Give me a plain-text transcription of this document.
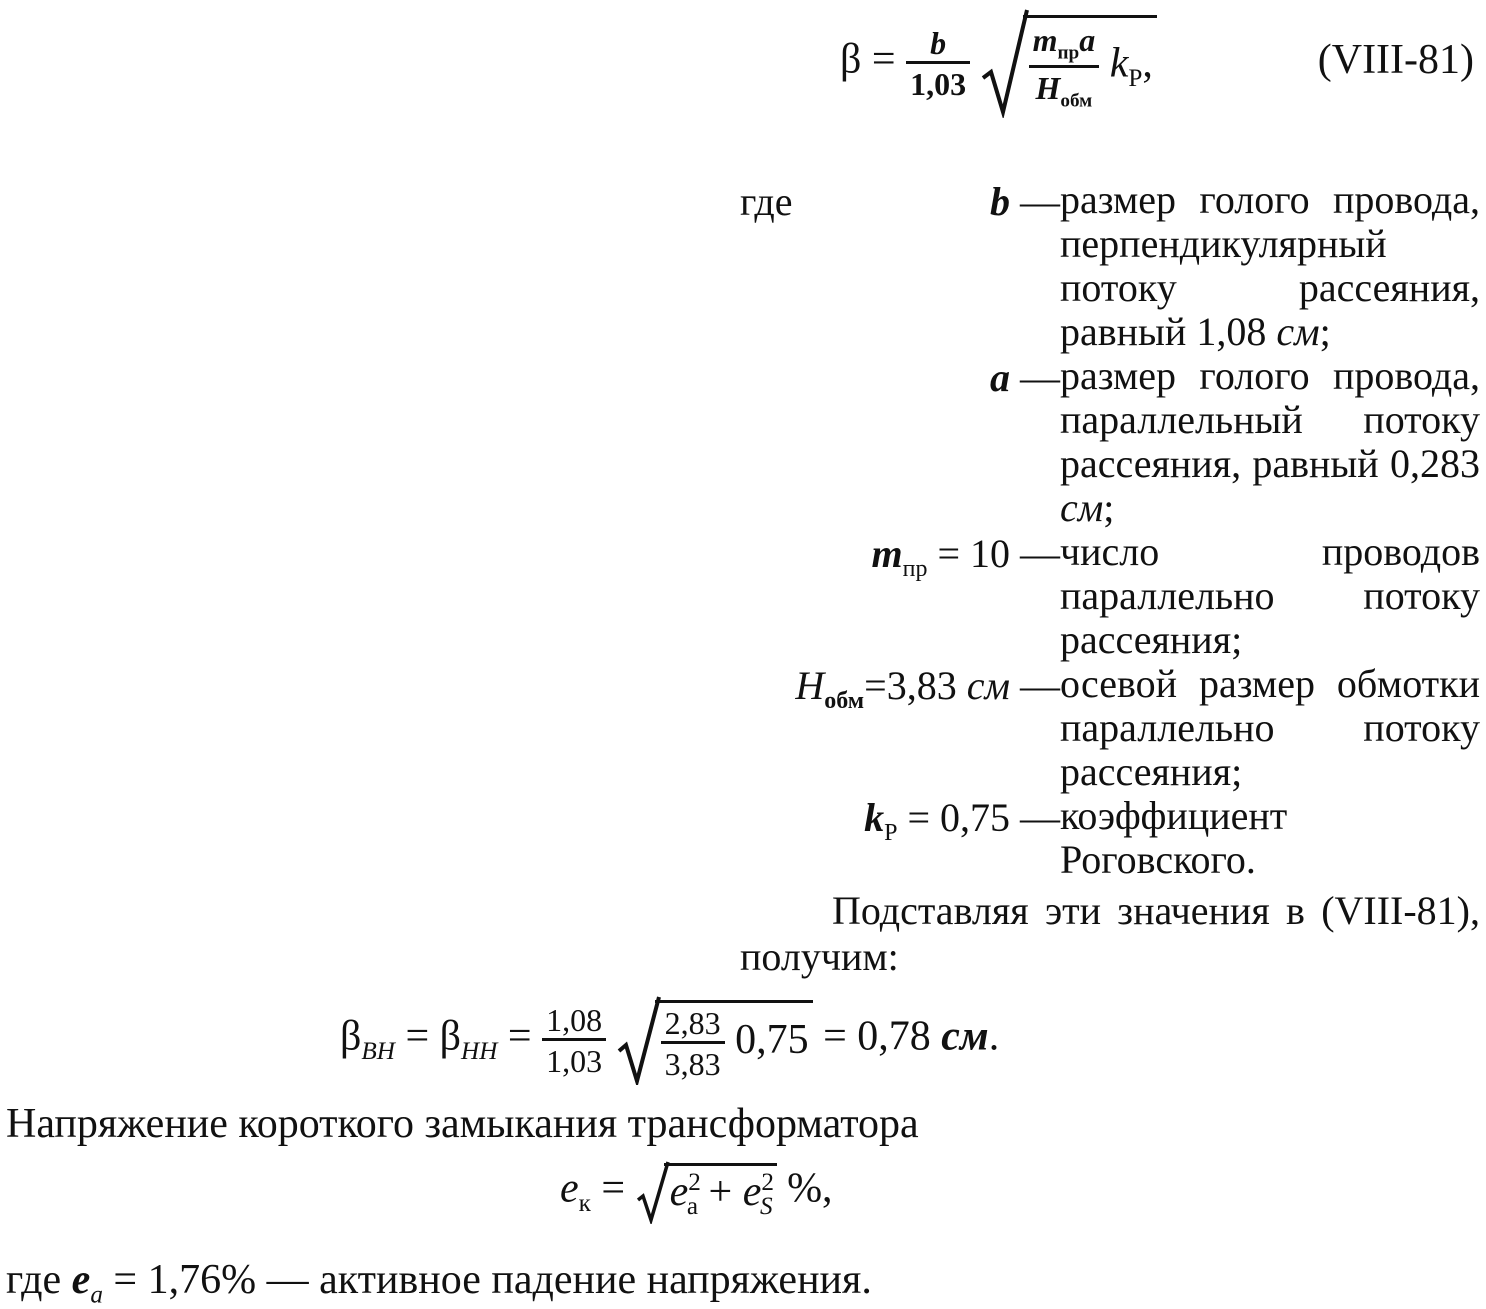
$\beta = \frac{b}{1,03}$
$\frac{m_{пр}a}{H_{обм}} k_P$,	(VIII-81)
где	b — размер голого провода, перпендикулярный потоку рассеяния, равный 1,08 см;
a — размер голого провода, параллельный потоку рассеяния, равный 0,283 см;
$m_{пр} = 10$ — число проводов параллельно потоку рассеяния;
$H_{обм}=3,83$ см — осевой размер обмотки параллельно потоку рассеяния;
$k_P = 0,75$ — коэффициент Роговского.
Подставляя эти значения в (VIII-81), получим:
$\beta_{ВН} = \beta_{НН} = \frac{1,08}{1,03}$
$\frac{2,83}{3,83} 0,75 = 0,78$ см.
Напряжение короткого замыкания трансформатора
$e_к = e^2_a + e^2_S$ %,
где $e_a = 1,76\%$ — активное падение напряжения.
